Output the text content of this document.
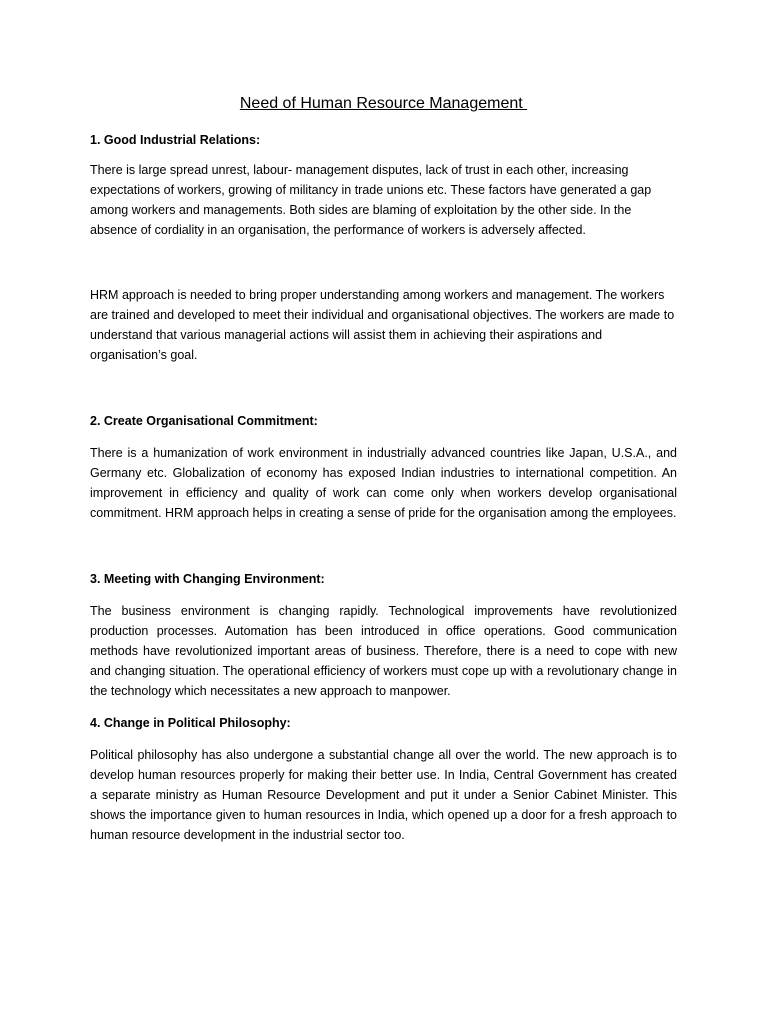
Need of Human Resource Management
1. Good Industrial Relations:

There is large spread unrest, labour- management disputes, lack of trust in each other, increasing expectations of workers, growing of militancy in trade unions etc. These factors have generated a gap among workers and managements. Both sides are blaming of exploitation by the other side. In the absence of cordiality in an organisation, the performance of workers is adversely affected.

HRM approach is needed to bring proper understanding among workers and management. The workers are trained and developed to meet their individual and organisational objectives. The workers are made to understand that various managerial actions will assist them in achieving their aspirations and organisation’s goal.

2. Create Organisational Commitment:

There is a humanization of work environment in industrially advanced countries like Japan, U.S.A., and Germany etc. Globalization of economy has exposed Indian industries to international competition. An improvement in efficiency and quality of work can come only when workers develop organisational commitment. HRM approach helps in creating a sense of pride for the organisation among the employees.

3. Meeting with Changing Environment:

The business environment is changing rapidly. Technological improvements have revolutionized production processes. Automation has been introduced in office operations. Good communication methods have revolutionized important areas of business. Therefore, there is a need to cope with new and changing situation. The operational efficiency of workers must cope up with a revolutionary change in the technology which necessitates a new approach to manpower.

4. Change in Political Philosophy:

Political philosophy has also undergone a substantial change all over the world. The new approach is to develop human resources properly for making their better use. In India, Central Government has created a separate ministry as Human Resource Development and put it under a Senior Cabinet Minister. This shows the importance given to human resources in India, which opened up a door for a fresh approach to human resource development in the industrial sector too.
